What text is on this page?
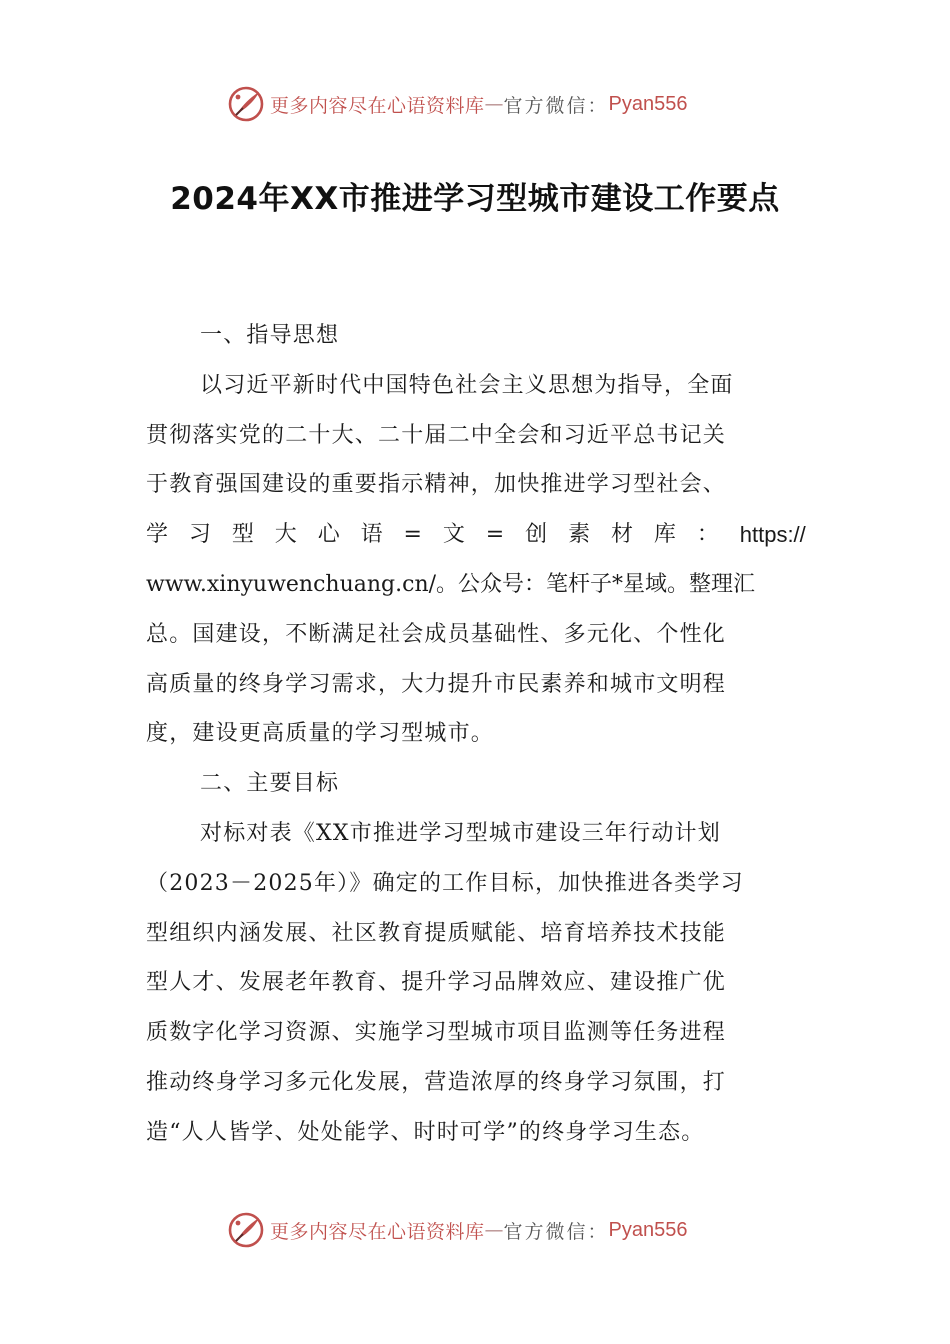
更多内容尽在心语资料库 — 官方微信： Pyan556
2024年XX市推进学习型城市建设工作要点
一、指导思想
以习近平新时代中国特色社会主义思想为指导，全面
贯彻落实党的二十大、二十届二中全会和习近平总书记关
于教育强国建设的重要指示精神，加快推进学习型社会、
学 习 型 大 心 语 = 文 = 创 素 材 库 ： https://
www.xinyuwenchuang.cn/。公众号：笔杆子*星域。整理汇
总。国建设，不断满足社会成员基础性、多元化、个性化
高质量的终身学习需求，大力提升市民素养和城市文明程
度，建设更高质量的学习型城市。
二、主要目标
对标对表《XX市推进学习型城市建设三年行动计划
（2023－2025年）》确定的工作目标，加快推进各类学习
型组织内涵发展、社区教育提质赋能、培育培养技术技能
型人才、发展老年教育、提升学习品牌效应、建设推广优
质数字化学习资源、实施学习型城市项目监测等任务进程
推动终身学习多元化发展，营造浓厚的终身学习氛围，打
造“人人皆学、处处能学、时时可学”的终身学习生态。
更多内容尽在心语资料库 — 官方微信： Pyan556
